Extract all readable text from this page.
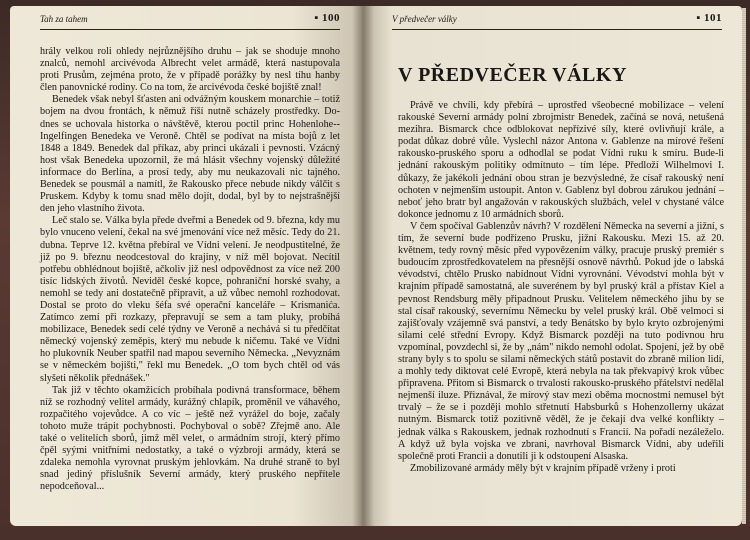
Tah za tahem	▪ 100

hrály velkou roli ohledy nejrůznějšího druhu – jak se shoduje mnoho znalců, nemohl arcivévoda Albrecht velet armádě, která nastupovala proti Prusům, zejména proto, že v případě porážky by nesl tíhu hanby člen panovnické rodiny. Co na tom, že arcivévoda české bojiště znal!

Benedek však nebyl šťasten ani odvážným kouskem monarchie – totiž bojem na dvou frontách, k němuž říší nutně scházely prostředky. Do-dnes se uchovala historka o návštěvě, kterou poctil princ Hohenlohe--Ingelfingen Benedeka ve Veroně. Chtěl se podívat na místa bojů z let 1848 a 1849. Benedek dal příkaz, aby princi ukázali i pevnosti. Vzácný host však Benedeka upozornil, že má hlásit všechny vojenský důležité informace do Berlína, a prosí tedy, aby mu neukazovali nic tajného. Benedek se pousmál a namítl, že Rakousko přece nebude nikdy válčit s Pruskem. Kdyby k tomu snad mělo dojít, dodal, byl by to nejstrašnější den jeho vlastního života.

Leč stalo se. Válka byla přede dveřmi a Benedek od 9. března, kdy mu bylo vnuceno velení, čekal na své jmenování více než měsíc. Tedy do 21. dubna. Teprve 12. května přebíral ve Vídni velení. Je neodpustitelné, že již po 9. březnu neodcestoval do krajiny, v níž měl bojovat. Necítil potřebu obhlédnout bojiště, ačkoliv již nesl odpovědnost za více než 200 tisíc lidských životů. Neviděl české kopce, pohraniční horské svahy, a nemohl se tedy ani dostatečně připravit, a už vůbec nemohl rozhodovat. Dostal se proto do vleku šéfa své operační kanceláře – Krismanića. Zatímco zemí při rozkazy, přepravují se sem a tam pluky, probíhá mobilizace, Benedek sedí celé týdny ve Veroně a nechává si tu předčítat německý vojenský zeměpis, který mu nebude k ničemu. Také ve Vídni ho plukovník Neuber spatřil nad mapou severního Německa. „Nevyznám se v německém bojišti," řekl mu Benedek. „O tom bych chtěl od vás slyšeti několik přednášek."

Tak již v těchto okamžicích probíhala podivná transformace, během níž se rozhodný velitel armády, kurážný chlapík, proměnil ve váhavého, rozpačitého vojevůdce. A co víc – ještě než vyrážel do boje, začaly tohoto muže trápit pochybnosti. Pochyboval o sobě? Zřejmě ano. Ale také o velitelích sborů, jimž měl velet, o armádním strojí, který přímo čpěl syými vnitřními nedostatky, a také o výzbroji armády, která se zdaleka nemohla vyrovnat pruským jehlovkám. Na druhé straně to byl snad jediný příslušník Severní armády, který pruského nepřítele nepodceňoval...

V předvečer války	▪ 101
V PŘEDVEČER VÁLKY

Právě ve chvíli, kdy přebírá – uprostřed všeobecné mobilizace – velení rakouské Severní armády polní zbrojmistr Benedek, začíná se nová, netušená mezihra. Bismarck chce odblokovat nepřízivé síly, které ovlivňují krále, a podat důkaz dobré vůle. Vyslechl názor Antona v. Gablenze na mírové řešení rakousko-pruského sporu a odhodlal se podat Vídni ruku k smíru. Bude-li jednání rakouským politiky odmítnuto – tím lépe. Předloží Wilhelmovi I. důkazy, že jakékoli jednání obou stran je bezvýsledné, že císař rakouský není ochoten v nejmenším ustoupit. Anton v. Gablenz byl dobrou zárukou jednání – neboť jeho bratr byl angažován v rakouských službách, velel v chystané válce dokonce jednomu z 10 armádních sborů.

V čem spočíval Gablenzův návrh? V rozdělení Německa na severní a jižní, s tím, že severní bude podřízeno Prusku, jižní Rakousku. Mezi 15. až 20. květnem, tedy rovný měsíc před vypovězením války, pracuje pruský premiér s budoucím zprostředkovatelem na přesnější osnově návrhů. Pokud jde o labská vévodství, chtělo Prusko nabídnout Vídni vyrovnání. Vévodství mohla být v krajním případě samostatná, ale suverénem by byl pruský král a přístav Kiel a pevnost Rendsburg měly připadnout Prusku. Velitelem německého jihu by se stal císař rakouský, severnímu Německu by velel pruský král. Obě velmoci si zajišťovaly vzájemně svá panství, a tedy Benátsko by bylo kryto ozbrojenými silami celé střední Evropy. Když Bismarck později na tuto podivnou hru vzpomínal, povzdechl si, že by „nám" nikdo nemohl odolat. Spojení, jež by obě strany byly s to spolu se silami německých států postavit do zbraně milion lidí, a mohly tedy diktovat celé Evropě, která nebyla na tak překvapivý krok vůbec připravena. Přitom si Bismarck o trvalosti rakousko-pruského přátelství nedělal nejmenší iluze. Přiznával, že mírový stav mezi oběma mocnostmi nemusel být trvalý – že se i později mohlo střetnutí Habsburků s Hohenzollerny ukázat nutným. Bismarck totiž pozitivně věděl, že je čekají dva velké konflikty – jednak válka s Rakouskem, jednak rozhodnutí s Francií. Na pořadí nezáleželo. A když už byla vojska ve zbrani, navrhoval Bismarck Vídni, aby udeřili společně proti Francii a donutili ji k odstoupení Alsaska.

Zmobilizované armády měly být v krajním případě vrženy i proti
